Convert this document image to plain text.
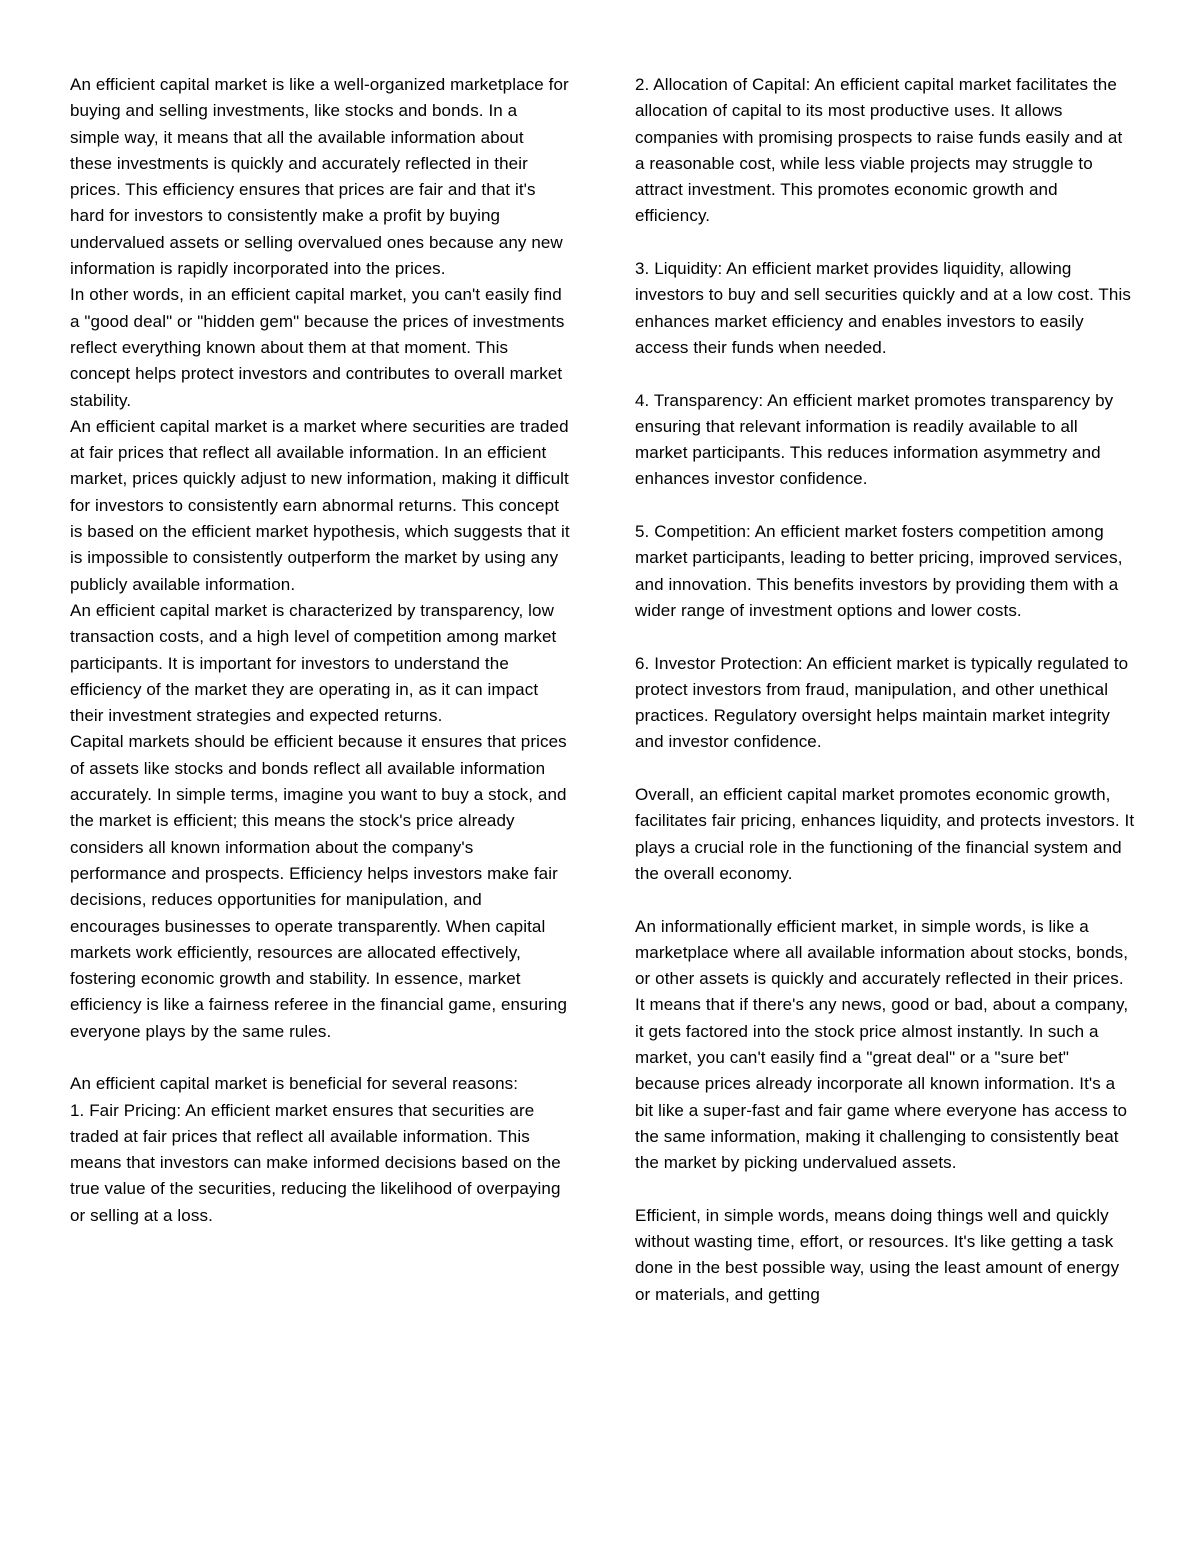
An efficient capital market is like a well-organized marketplace for buying and selling investments, like stocks and bonds. In a simple way, it means that all the available information about these investments is quickly and accurately reflected in their prices. This efficiency ensures that prices are fair and that it's hard for investors to consistently make a profit by buying undervalued assets or selling overvalued ones because any new information is rapidly incorporated into the prices.

In other words, in an efficient capital market, you can't easily find a "good deal" or "hidden gem" because the prices of investments reflect everything known about them at that moment. This concept helps protect investors and contributes to overall market stability.

An efficient capital market is a market where securities are traded at fair prices that reflect all available information. In an efficient market, prices quickly adjust to new information, making it difficult for investors to consistently earn abnormal returns. This concept is based on the efficient market hypothesis, which suggests that it is impossible to consistently outperform the market by using any publicly available information.

An efficient capital market is characterized by transparency, low transaction costs, and a high level of competition among market participants. It is important for investors to understand the efficiency of the market they are operating in, as it can impact their investment strategies and expected returns.

Capital markets should be efficient because it ensures that prices of assets like stocks and bonds reflect all available information accurately. In simple terms, imagine you want to buy a stock, and the market is efficient; this means the stock's price already considers all known information about the company's performance and prospects. Efficiency helps investors make fair decisions, reduces opportunities for manipulation, and encourages businesses to operate transparently. When capital markets work efficiently, resources are allocated effectively, fostering economic growth and stability. In essence, market efficiency is like a fairness referee in the financial game, ensuring everyone plays by the same rules.

An efficient capital market is beneficial for several reasons:

1. Fair Pricing: An efficient market ensures that securities are traded at fair prices that reflect all available information. This means that investors can make informed decisions based on the true value of the securities, reducing the likelihood of overpaying or selling at a loss.

2. Allocation of Capital: An efficient capital market facilitates the allocation of capital to its most productive uses. It allows companies with promising prospects to raise funds easily and at a reasonable cost, while less viable projects may struggle to attract investment. This promotes economic growth and efficiency.

3. Liquidity: An efficient market provides liquidity, allowing investors to buy and sell securities quickly and at a low cost. This enhances market efficiency and enables investors to easily access their funds when needed.

4. Transparency: An efficient market promotes transparency by ensuring that relevant information is readily available to all market participants. This reduces information asymmetry and enhances investor confidence.

5. Competition: An efficient market fosters competition among market participants, leading to better pricing, improved services, and innovation. This benefits investors by providing them with a wider range of investment options and lower costs.

6. Investor Protection: An efficient market is typically regulated to protect investors from fraud, manipulation, and other unethical practices. Regulatory oversight helps maintain market integrity and investor confidence.

Overall, an efficient capital market promotes economic growth, facilitates fair pricing, enhances liquidity, and protects investors. It plays a crucial role in the functioning of the financial system and the overall economy.

An informationally efficient market, in simple words, is like a marketplace where all available information about stocks, bonds, or other assets is quickly and accurately reflected in their prices. It means that if there's any news, good or bad, about a company, it gets factored into the stock price almost instantly. In such a market, you can't easily find a "great deal" or a "sure bet" because prices already incorporate all known information. It's a bit like a super-fast and fair game where everyone has access to the same information, making it challenging to consistently beat the market by picking undervalued assets.

Efficient, in simple words, means doing things well and quickly without wasting time, effort, or resources. It's like getting a task done in the best possible way, using the least amount of energy or materials, and getting
